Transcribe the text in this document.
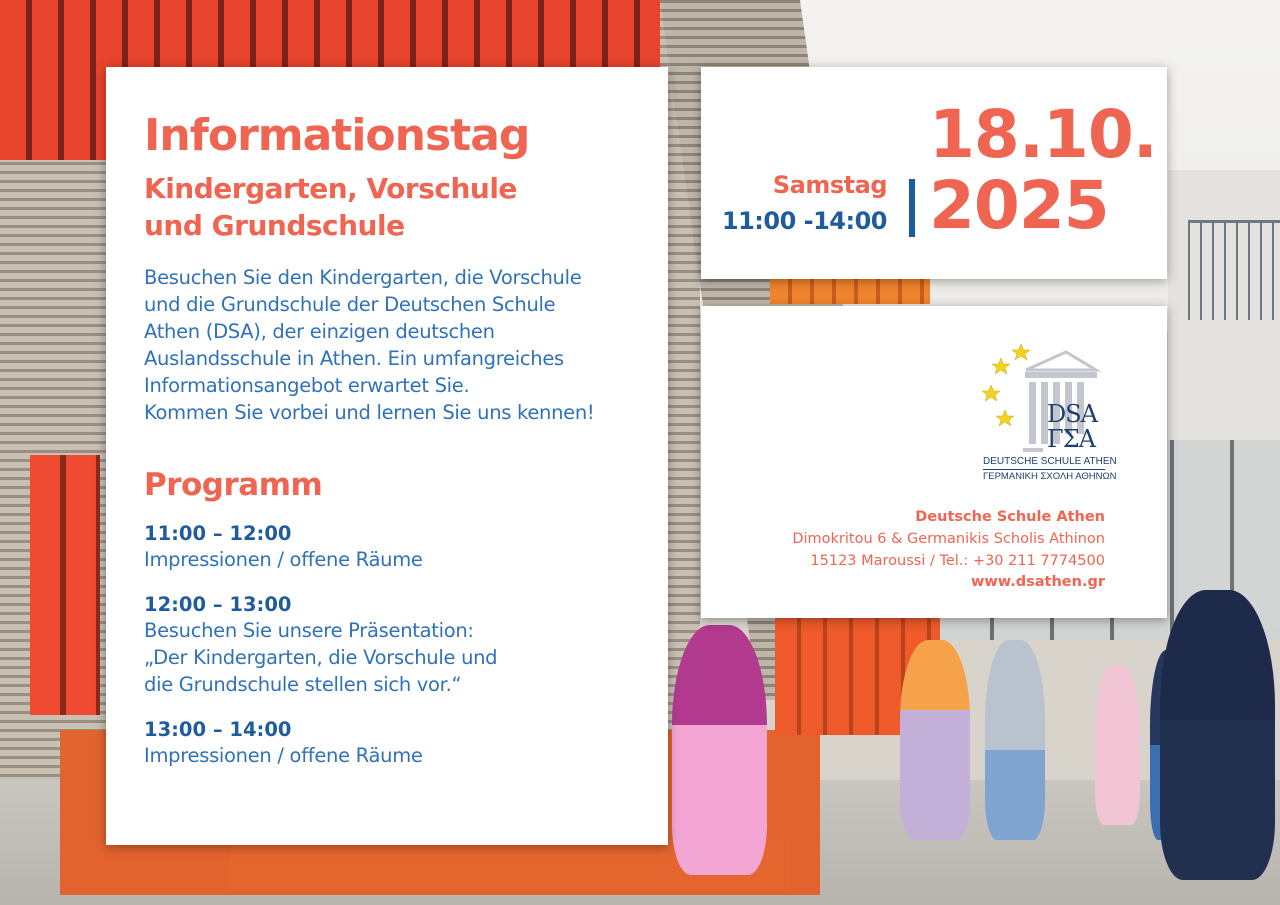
Informationstag
Kindergarten, Vorschule
und Grundschule

Besuchen Sie den Kindergarten, die Vorschule

und die Grundschule der Deutschen Schule

Athen (DSA), der einzigen deutschen

Auslandsschule in Athen. Ein umfangreiches

Informationsangebot erwartet Sie.

Kommen Sie vorbei und lernen Sie uns kennen!

Programm
11:00 – 12:00
Impressionen / offene Räume
12:00 – 13:00
Besuchen Sie unsere Präsentation:
„Der Kindergarten, die Vorschule und
die Grundschule stellen sich vor.“
13:00 – 14:00
Impressionen / offene Räume
Samstag
11:00 -14:00
18.10.
2025
DSA
ΓΣΑ
DEUTSCHE SCHULE ATHEN
ΓΕΡΜΑΝΙΚΗ ΣΧΟΛΗ ΑΘΗΝΩΝ
Deutsche Schule Athen
Dimokritou 6 & Germanikis Scholis Athinon
15123 Maroussi / Tel.: +30 211 7774500
www.dsathen.gr
